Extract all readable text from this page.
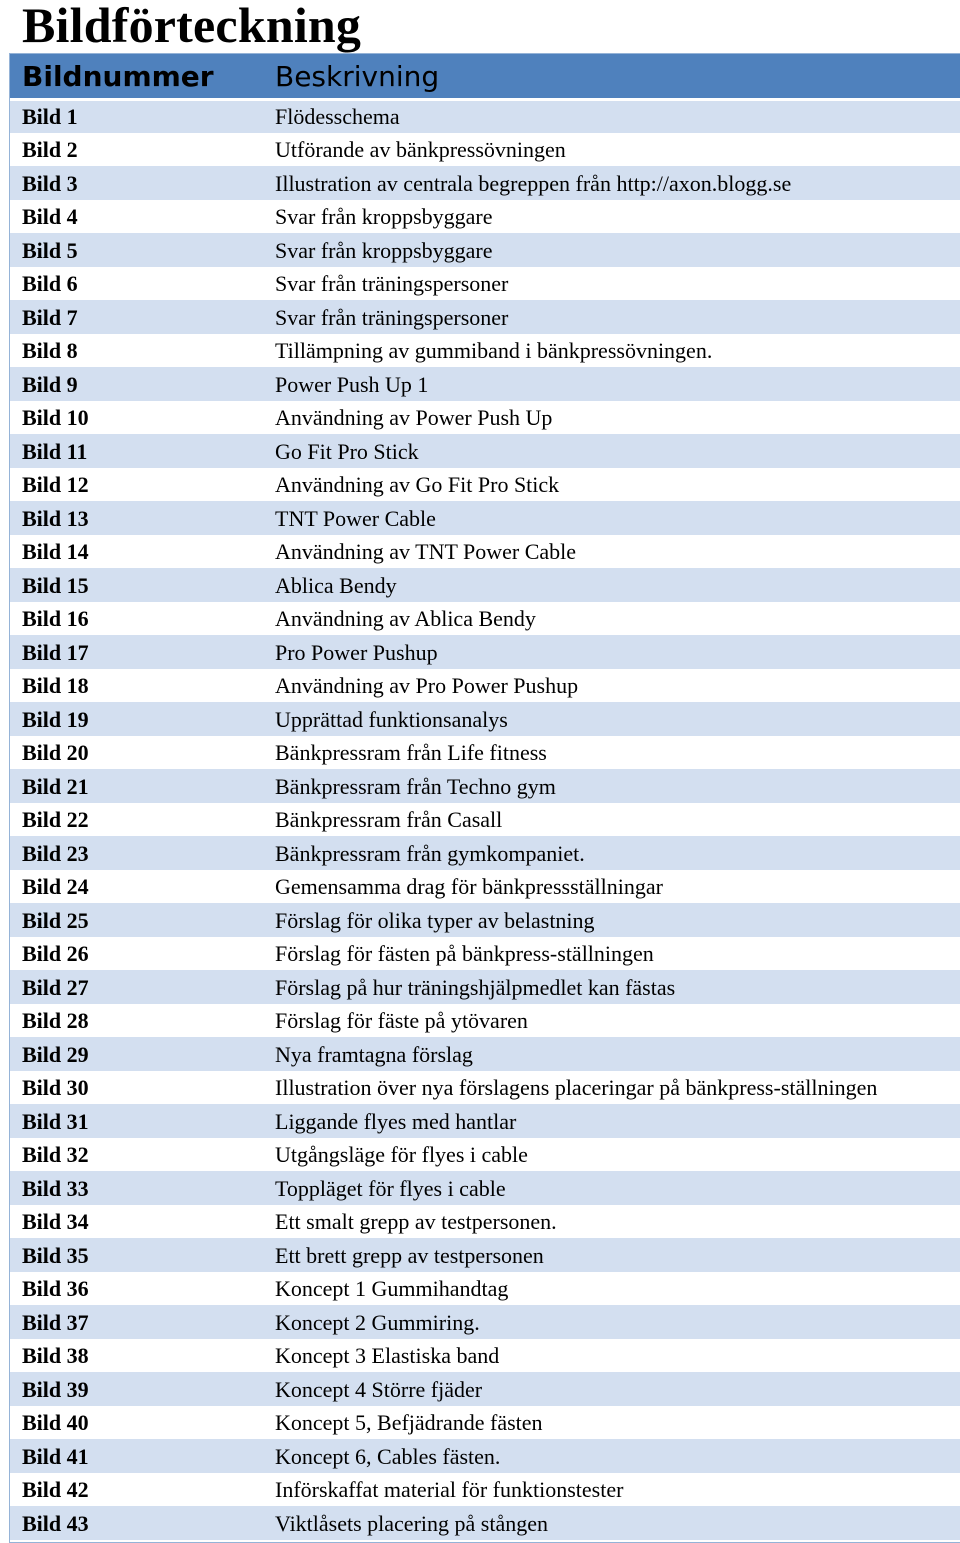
Bildförteckning
Bildnummer	Beskrivning
Bild 1	Flödesschema
Bild 2	Utförande av bänkpressövningen
Bild 3	Illustration av centrala begreppen från http://axon.blogg.se
Bild 4	Svar från kroppsbyggare
Bild 5	Svar från kroppsbyggare
Bild 6	Svar från träningspersoner
Bild 7	Svar från träningspersoner
Bild 8	Tillämpning av gummiband i bänkpressövningen.
Bild 9	Power Push Up 1
Bild 10	Användning av Power Push Up
Bild 11	Go Fit Pro Stick
Bild 12	Användning av Go Fit Pro Stick
Bild 13	TNT Power Cable
Bild 14	Användning av TNT Power Cable
Bild 15	Ablica Bendy
Bild 16	Användning av Ablica Bendy
Bild 17	Pro Power Pushup
Bild 18	Användning av Pro Power Pushup
Bild 19	Upprättad funktionsanalys
Bild 20	Bänkpressram från Life fitness
Bild 21	Bänkpressram från Techno gym
Bild 22	Bänkpressram från Casall
Bild 23	Bänkpressram från gymkompaniet.
Bild 24	Gemensamma drag för bänkpressställningar
Bild 25	Förslag för olika typer av belastning
Bild 26	Förslag för fästen på bänkpress-ställningen
Bild 27	Förslag på hur träningshjälpmedlet kan fästas
Bild 28	Förslag för fäste på ytövaren
Bild 29	Nya framtagna förslag
Bild 30	Illustration över nya förslagens placeringar på bänkpress-ställningen
Bild 31	Liggande flyes med hantlar
Bild 32	Utgångsläge för flyes i cable
Bild 33	Toppläget för flyes i cable
Bild 34	Ett smalt grepp av testpersonen.
Bild 35	Ett brett grepp av testpersonen
Bild 36	Koncept 1 Gummihandtag
Bild 37	Koncept 2 Gummiring.
Bild 38	Koncept 3 Elastiska band
Bild 39	Koncept 4 Större fjäder
Bild 40	Koncept 5, Befjädrande fästen
Bild 41	Koncept 6, Cables fästen.
Bild 42	Införskaffat material för funktionstester
Bild 43	Viktlåsets placering på stången
